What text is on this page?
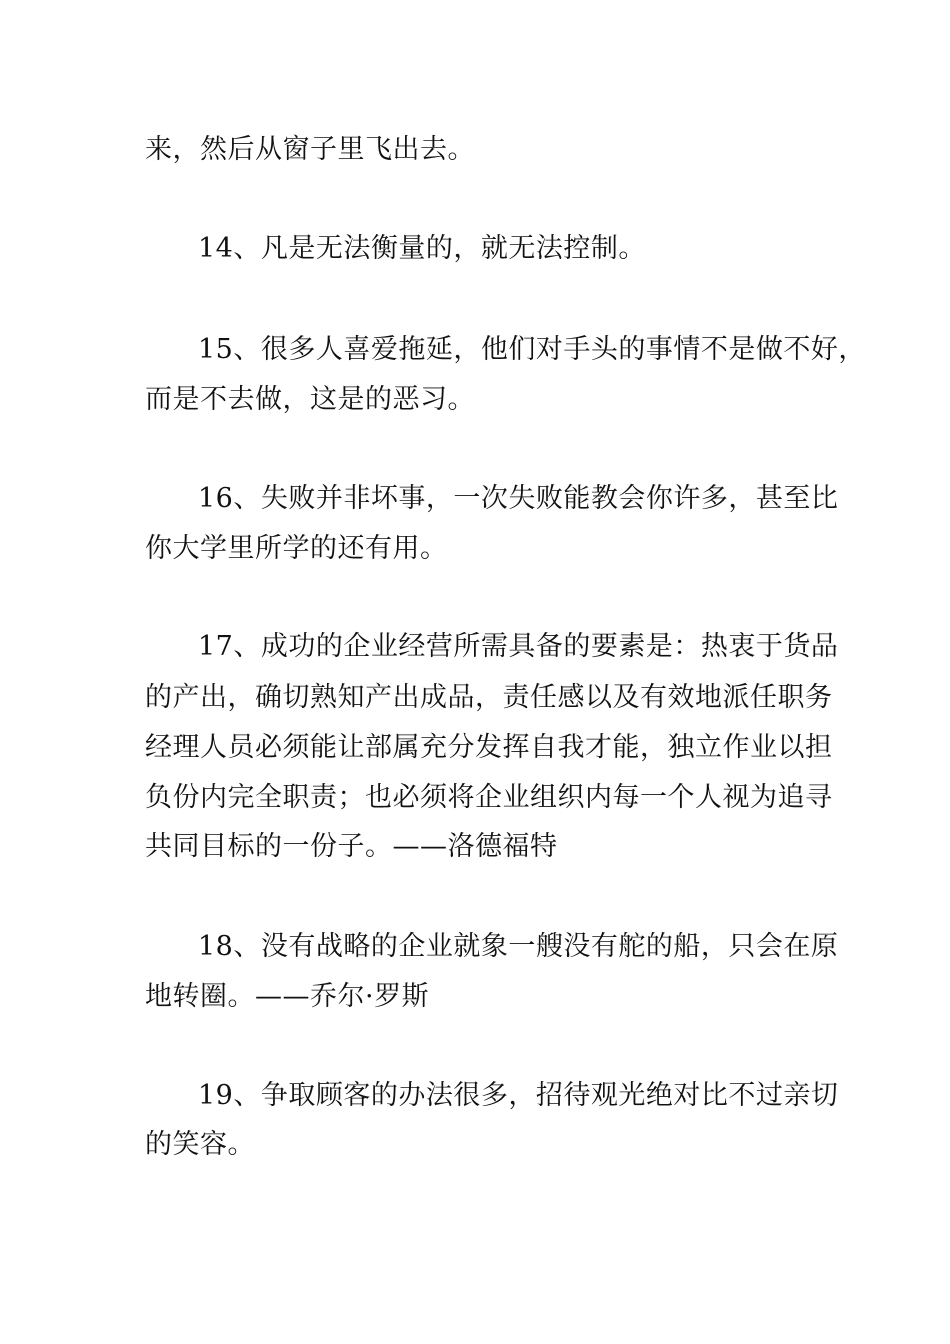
来，然后从窗子里飞出去。
14、凡是无法衡量的，就无法控制。
15、很多人喜爱拖延，他们对手头的事情不是做不好，
而是不去做，这是的恶习。
16、失败并非坏事，一次失败能教会你许多，甚至比
你大学里所学的还有用。
17、成功的企业经营所需具备的要素是：热衷于货品
的产出，确切熟知产出成品，责任感以及有效地派任职务
经理人员必须能让部属充分发挥自我才能，独立作业以担
负份内完全职责；也必须将企业组织内每一个人视为追寻
共同目标的一份子。——洛德福特
18、没有战略的企业就象一艘没有舵的船，只会在原
地转圈。——乔尔·罗斯
19、争取顾客的办法很多，招待观光绝对比不过亲切
的笑容。
